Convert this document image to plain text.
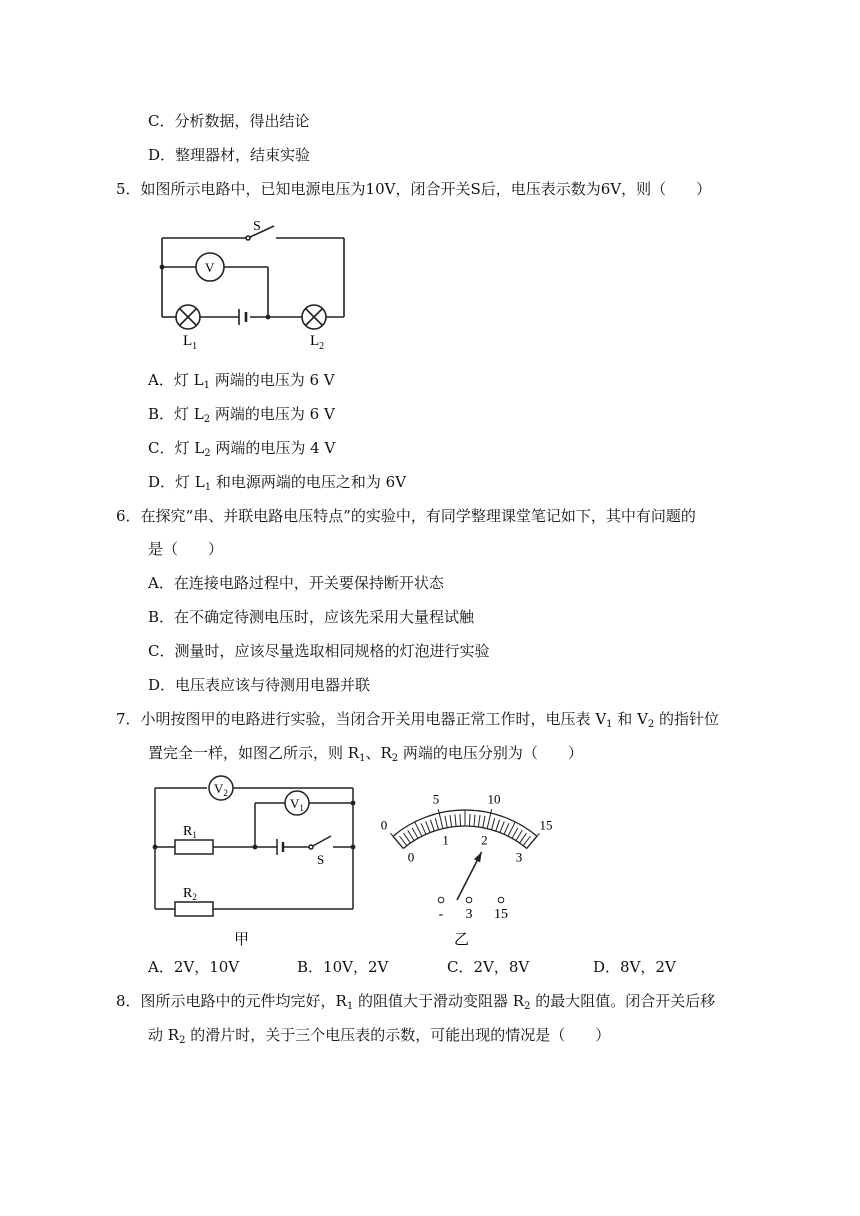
C．分析数据，得出结论
D．整理器材，结束实验
5．如图所示电路中，已知电源电压为10V，闭合开关S后，电压表示数为6V，则（　　）
S
V
$L_1$	$L_2$
A．灯 $L_1$ 两端的电压为 6 V
B．灯 $L_2$ 两端的电压为 6 V
C．灯 $L_2$ 两端的电压为 4 V
D．灯 $L_1$ 和电源两端的电压之和为 6V
6．在探究“串、并联电路电压特点”的实验中，有同学整理课堂笔记如下，其中有问题的
是（　　）
A．在连接电路过程中，开关要保持断开状态
B．在不确定待测电压时，应该先采用大量程试触
C．测量时，应该尽量选取相同规格的灯泡进行实验
D．电压表应该与待测用电器并联
7．小明按图甲的电路进行实验，当闭合开关用电器正常工作时，电压表 $V_1$ 和 $V_2$ 的指针位
置完全一样，如图乙所示，则 $R_1$、$R_2$ 两端的电压分别为（　　）
$V_2$
$V_1$
$R_1$
$R_2$
S
甲
0
5	10
15
0
1 2
3
- 3 15
乙
A．2V，10V	B．10V，2V	C．2V，8V	D．8V，2V
8．图所示电路中的元件均完好，$R_1$ 的阻值大于滑动变阻器 $R_2$ 的最大阻值。闭合开关后移
动 $R_2$ 的滑片时，关于三个电压表的示数，可能出现的情况是（　　）
